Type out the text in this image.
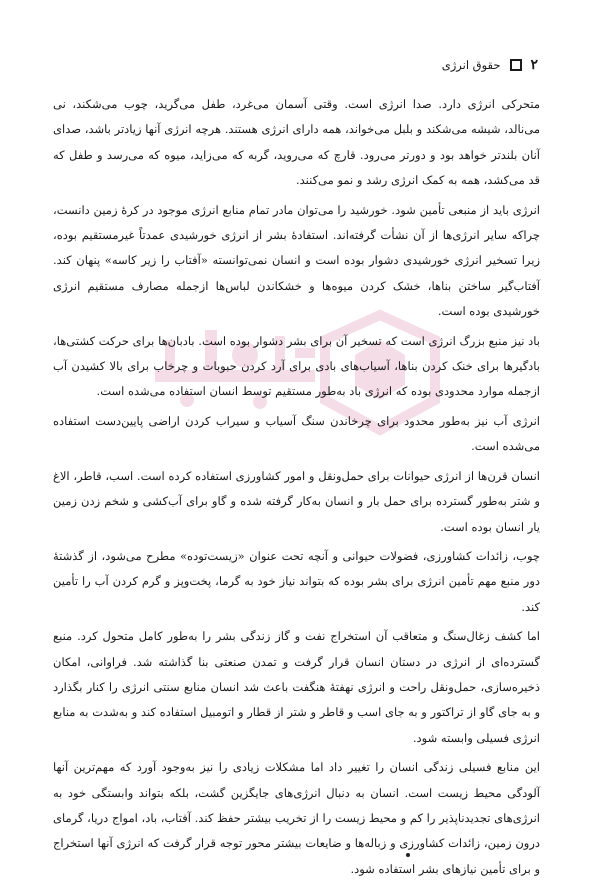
۲
حقوق انرژی

متحرکی انرژی دارد. صدا انرژی است. وقتی آسمان می‌غرد، طفل می‌گرید، چوب می‌شکند، نی می‌نالد، شیشه می‌شکند و بلبل می‌خواند، همه دارای انرژی هستند. هرچه انرژی آنها زیادتر باشد، صدای آنان بلندتر خواهد بود و دورتر می‌رود. قارچ که می‌روید، گربه که می‌زاید، میوه که می‌رسد و طفل که قد می‌کشد، همه به کمک انرژی رشد و نمو می‌کنند.

انرژی باید از منبعی تأمین شود. خورشید را می‌توان مادر تمام منابع انرژی موجود در کرهٔ زمین دانست، چراکه سایر انرژی‌ها از آن نشأت گرفته‌اند. استفادهٔ بشر از انرژی خورشیدی عمدتاً غیرمستقیم بوده، زیرا تسخیر انرژی خورشیدی دشوار بوده است و انسان نمی‌توانسته «آفتاب را زیر کاسه» پنهان کند. آفتاب‌گیر ساختن بناها، خشک کردن میوه‌ها و خشکاندن لباس‌ها ازجمله مصارف مستقیم انرژی خورشیدی بوده است.

باد نیز منبع بزرگ انرژی است که تسخیر آن برای بشر دشوار بوده است. بادبان‌ها برای حرکت کشتی‌ها، بادگیرها برای خنک کردن بناها، آسیاب‌های بادی برای آرد کردن حبوبات و چرخاب برای بالا کشیدن آب ازجمله موارد محدودی بوده که انرژی باد به‌طور مستقیم توسط انسان استفاده می‌شده است.

انرژی آب نیز به‌طور محدود برای چرخاندن سنگ آسیاب و سیراب کردن اراضی پایین‌دست استفاده می‌شده است.

انسان قرن‌ها از انرژی حیوانات برای حمل‌ونقل و امور کشاورزی استفاده کرده است. اسب، قاطر، الاغ و شتر به‌طور گسترده برای حمل بار و انسان به‌کار گرفته شده و گاو برای آب‌کشی و شخم زدن زمین یار انسان بوده است.

چوب، زائدات کشاورزی، فضولات حیوانی و آنچه تحت عنوان «زیست‌توده» مطرح می‌شود، از گذشتهٔ دور منبع مهم تأمین انرژی برای بشر بوده که بتواند نیاز خود به گرما، پخت‌وپز و گرم کردن آب را تأمین کند.

اما کشف زغال‌سنگ و متعاقب آن استخراج نفت و گاز زندگی بشر را به‌طور کامل متحول کرد. منبع گسترده‌ای از انرژی در دستان انسان قرار گرفت و تمدن صنعتی بنا گذاشته شد. فراوانی، امکان ذخیره‌سازی، حمل‌ونقل راحت و انرژی نهفتهٔ هنگفت باعث شد انسان منابع سنتی انرژی را کنار بگذارد و به جای گاو از تراکتور و به جای اسب و قاطر و شتر از قطار و اتومبیل استفاده کند و به‌شدت به منابع انرژی فسیلی وابسته شود.

این منابع فسیلی زندگی انسان را تغییر داد اما مشکلات زیادی را نیز به‌وجود آورد که مهم‌ترین آنها آلودگی محیط زیست است. انسان به دنبال انرژی‌های جایگزین گشت، بلکه بتواند وابستگی خود به انرژی‌های تجدیدناپذیر را کم و محیط زیست را از تخریب بیشتر حفظ کند. آفتاب، باد، امواج دریا، گرمای درون زمین، زائدات کشاورزی و زباله‌ها و ضایعات بیشتر محور توجه قرار گرفت که انرژی آنها استخراج و برای تأمین نیازهای بشر استفاده شود.
